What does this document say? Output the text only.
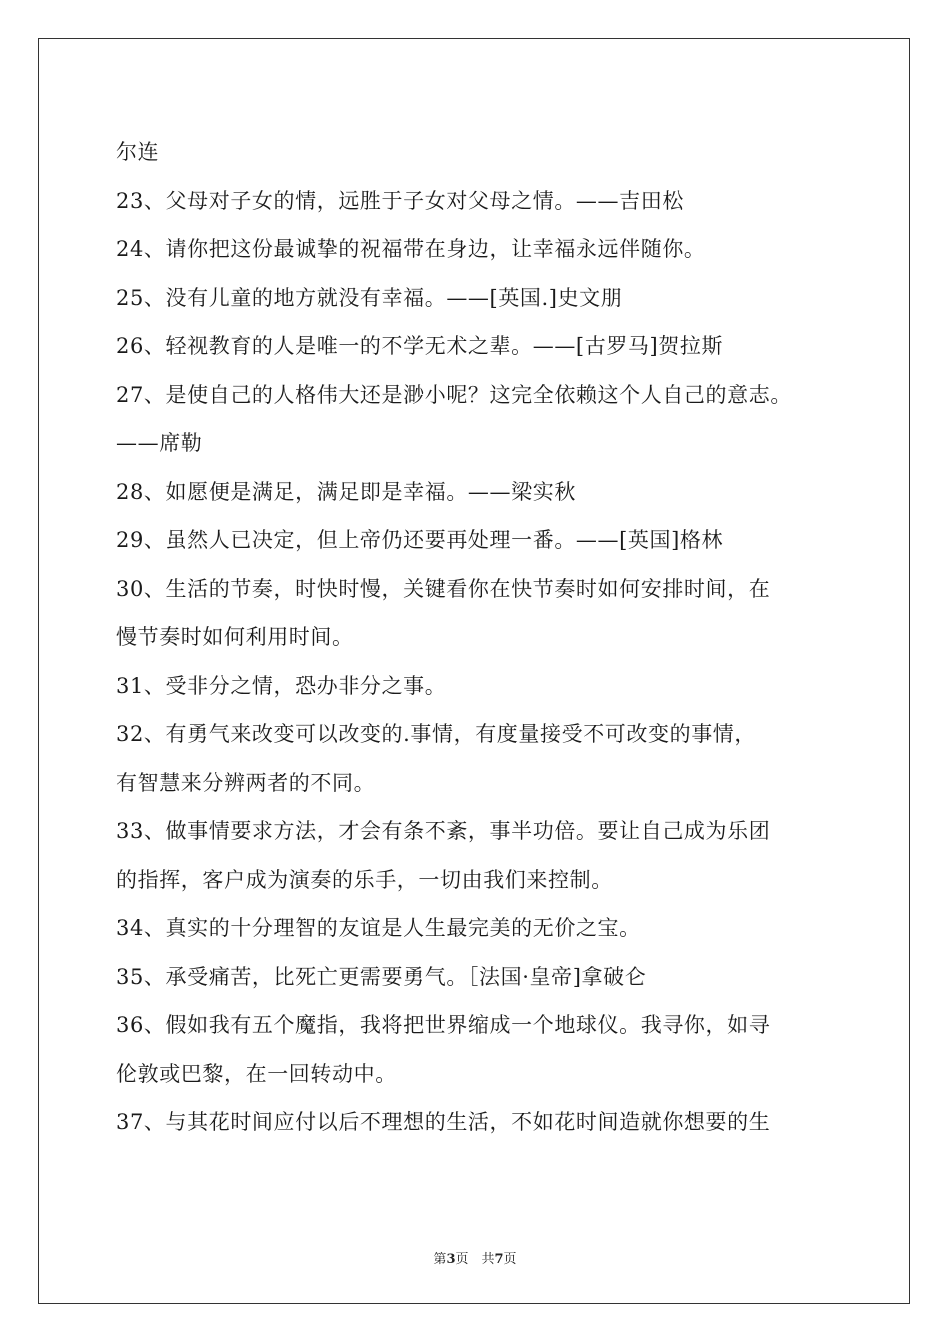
尔连
23、父母对子女的情，远胜于子女对父母之情。——吉田松
24、请你把这份最诚挚的祝福带在身边，让幸福永远伴随你。
25、没有儿童的地方就没有幸福。——[英国.]史文朋
26、轻视教育的人是唯一的不学无术之辈。——[古罗马]贺拉斯
27、是使自己的人格伟大还是渺小呢？这完全依赖这个人自己的意志。
——席勒
28、如愿便是满足，满足即是幸福。——梁实秋
29、虽然人已决定，但上帝仍还要再处理一番。——[英国]格林
30、生活的节奏，时快时慢，关键看你在快节奏时如何安排时间，在
慢节奏时如何利用时间。
31、受非分之情，恐办非分之事。
32、有勇气来改变可以改变的.事情，有度量接受不可改变的事情，
有智慧来分辨两者的不同。
33、做事情要求方法，才会有条不紊，事半功倍。要让自己成为乐团
的指挥，客户成为演奏的乐手，一切由我们来控制。
34、真实的十分理智的友谊是人生最完美的无价之宝。
35、承受痛苦，比死亡更需要勇气。［法国·皇帝]拿破仑
36、假如我有五个魔指，我将把世界缩成一个地球仪。我寻你，如寻
伦敦或巴黎，在一回转动中。
37、与其花时间应付以后不理想的生活，不如花时间造就你想要的生
第3页　共7页
